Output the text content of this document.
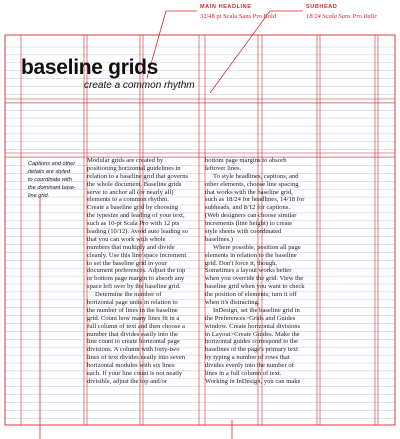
MAIN HEADLINE
32/48 pt Scala Sans Pro Bold
SUBHEAD
18/24 Scala Sans Pro Italic
baseline grids
create a common rhythm
Captions and other
details are styled
to coordinate with
the dominant base-
line grid.
Modular grids are created by
positioning horizontal guidelines in
relation to a baseline grid that governs
the whole document. Baseline grids
serve to anchor all (or nearly all)
elements to a common rhythm.
Create a baseline grid by choosing
the typesize and leading of your text,
such as 10-pt Scala Pro with 12 pts
leading (10/12). Avoid auto leading so
that you can work with whole
numbers that multiply and divide
cleanly. Use this line space increment
to set the baseline grid in your
document preferences. Adjust the top
or bottom page margin to absorb any
space left over by the baseline grid.
Determine the number of
horizontal page units in relation to
the number of lines in the baseline
grid. Count how many lines fit in a
full column of text and then choose a
number that divides easily into the
line count to create horizontal page
divisions. A column with forty-two
lines of text divides neatly into seven
horizontal modules with six lines
each. If your line count is not neatly
divisible, adjust the top and/or
bottom page margins to absorb
leftover lines.
To style headlines, captions, and
other elements, choose line spacing
that works with the baseline grid,
such as 18/24 for headlines, 14/18 for
subheads, and 8/12 for captions.
(Web designers can choose similar
increments (line height) to create
style sheets with coordinated
baselines.)
Where possible, position all page
elements in relation to the baseline
grid. Don't force it, though.
Sometimes a layout works better
when you override the grid. View the
baseline grid when you want to check
the position of elements; turn it off
when it's distracting.
InDesign, set the baseline grid in
the Preferences>Grids and Guides
window. Create horizontal divisions
in Layout>Create Guides. Make the
horizontal guides correspond to the
baselines of the page's primary text
by typing a number of rows that
divides evenly into the number of
lines in a full column of text.
Working in InDesign, you can make
